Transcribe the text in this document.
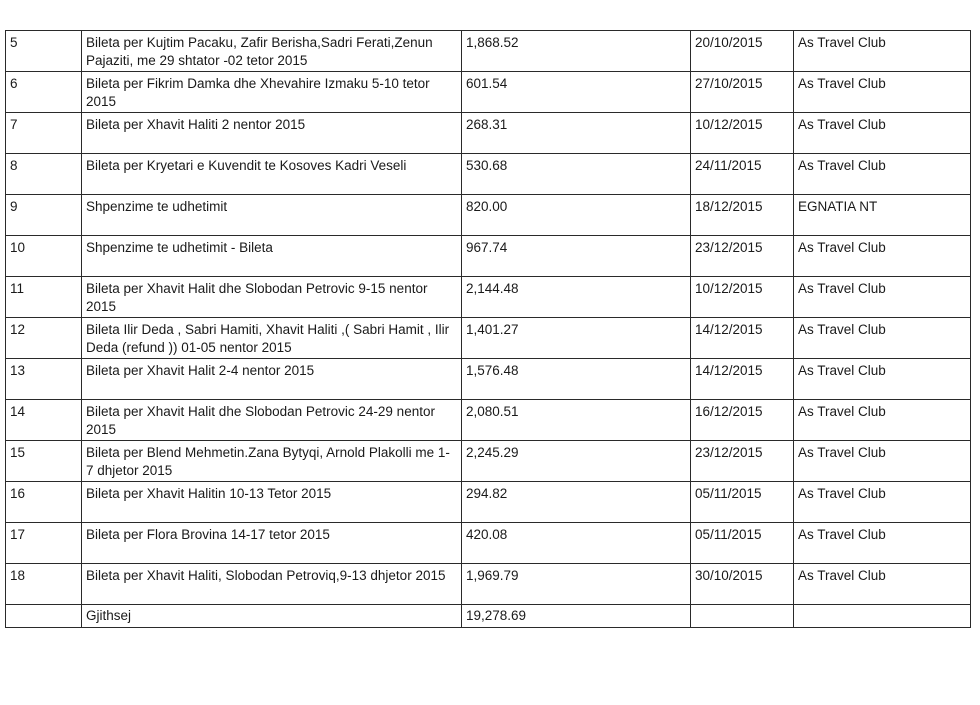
5	Bileta per Kujtim Pacaku, Zafir Berisha,Sadri Ferati,Zenun Pajaziti, me 29 shtator -02 tetor 2015	1,868.52	20/10/2015	As Travel Club
6	Bileta per Fikrim Damka dhe Xhevahire Izmaku 5-10 tetor 2015	601.54	27/10/2015	As Travel Club
7	Bileta per Xhavit Haliti 2 nentor 2015	268.31	10/12/2015	As Travel Club
8	Bileta per Kryetari e Kuvendit te Kosoves Kadri Veseli	530.68	24/11/2015	As Travel Club
9	Shpenzime te udhetimit	820.00	18/12/2015	EGNATIA NT
10	Shpenzime te udhetimit - Bileta	967.74	23/12/2015	As Travel Club
11	Bileta per Xhavit Halit dhe Slobodan Petrovic 9-15 nentor 2015	2,144.48	10/12/2015	As Travel Club
12	Bileta Ilir Deda , Sabri Hamiti, Xhavit Haliti ,( Sabri Hamit , Ilir Deda (refund )) 01-05 nentor 2015	1,401.27	14/12/2015	As Travel Club
13	Bileta per Xhavit Halit 2-4 nentor 2015	1,576.48	14/12/2015	As Travel Club
14	Bileta per Xhavit Halit dhe Slobodan Petrovic 24-29 nentor 2015	2,080.51	16/12/2015	As Travel Club
15	Bileta per Blend Mehmetin.Zana Bytyqi, Arnold Plakolli me 1-7 dhjetor 2015	2,245.29	23/12/2015	As Travel Club
16	Bileta per Xhavit Halitin 10-13 Tetor 2015	294.82	05/11/2015	As Travel Club
17	Bileta per Flora Brovina 14-17 tetor 2015	420.08	05/11/2015	As Travel Club
18	Bileta per Xhavit Haliti, Slobodan Petroviq,9-13 dhjetor 2015	1,969.79	30/10/2015	As Travel Club
	Gjithsej	19,278.69		
